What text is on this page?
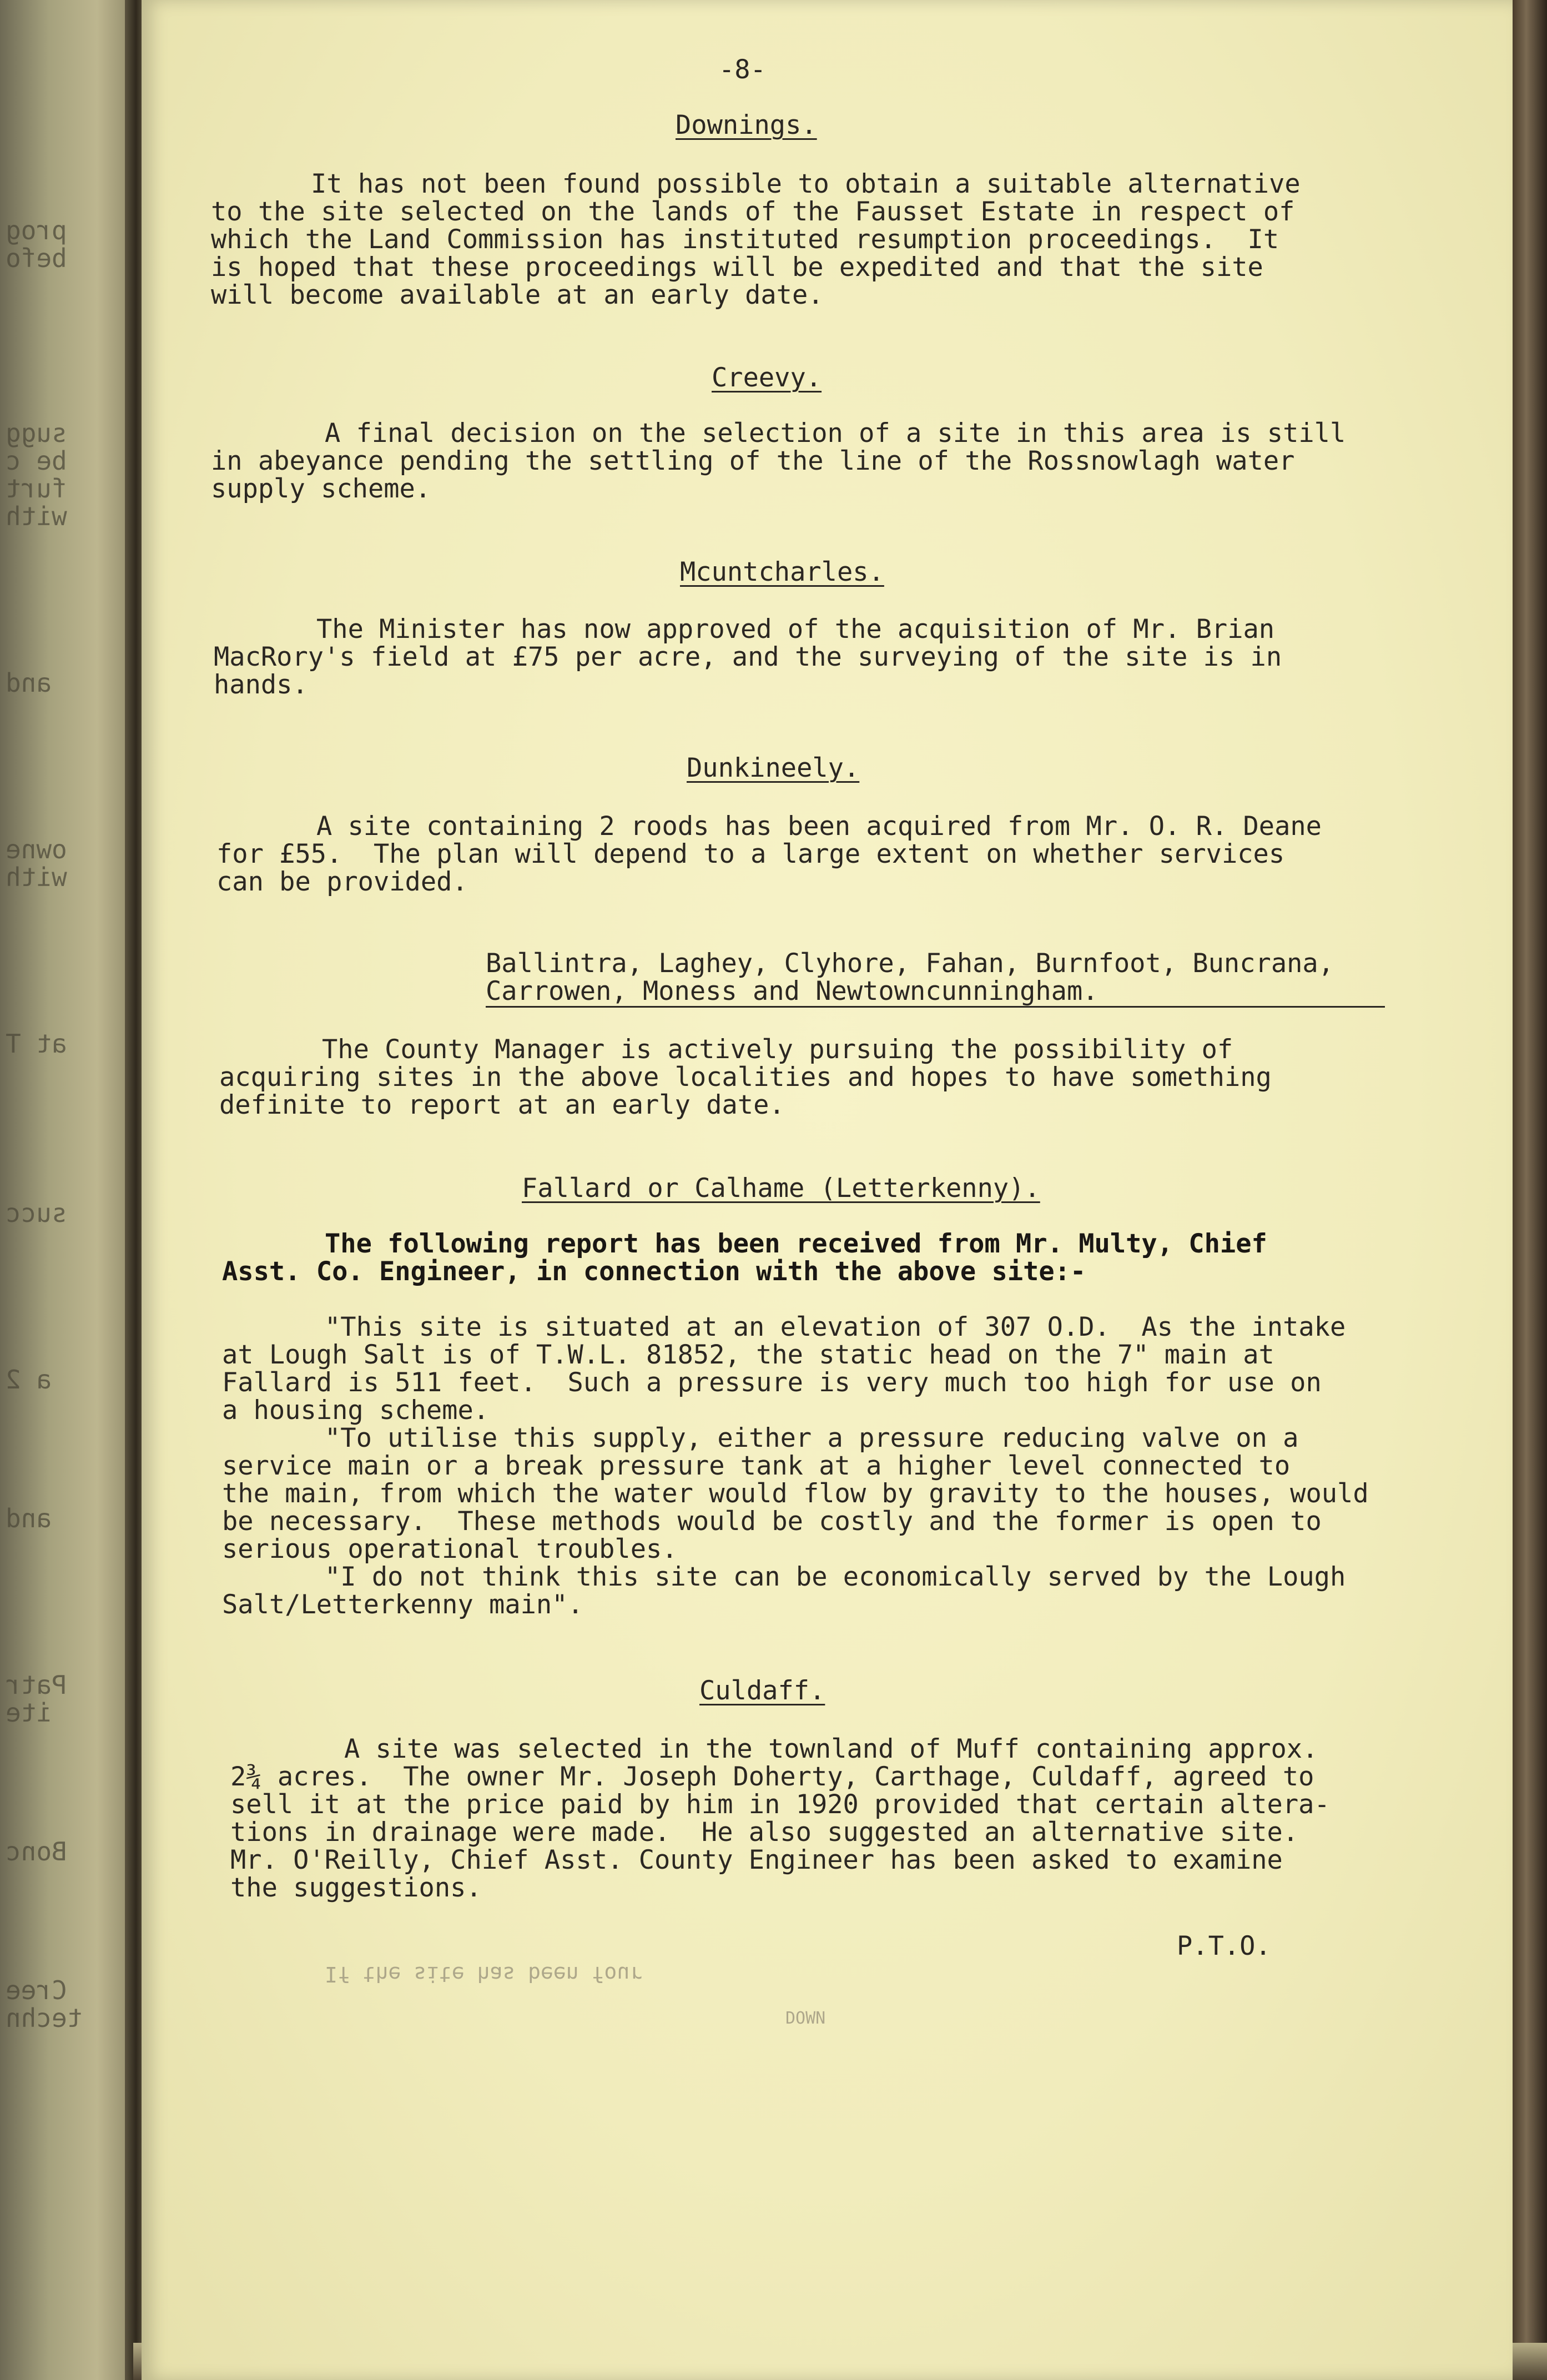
prog
befo
sugg
be c
furt
with
and
owne
with
at T
succ
a 2
and
Patr
ite
Bonc
Cree
techn
-8-
Downings.
It has not been found possible to obtain a suitable alternative
to the site selected on the lands of the Fausset Estate in respect of
which the Land Commission has instituted resumption proceedings.  It
is hoped that these proceedings will be expedited and that the site
will become available at an early date.
Creevy.
A final decision on the selection of a site in this area is still
in abeyance pending the settling of the line of the Rossnowlagh water
supply scheme.
Mcuntcharles.
The Minister has now approved of the acquisition of Mr. Brian
MacRory's field at £75 per acre, and the surveying of the site is in
hands.
Dunkineely.
A site containing 2 roods has been acquired from Mr. O. R. Deane
for £55.  The plan will depend to a large extent on whether services
can be provided.
Ballintra, Laghey, Clyhore, Fahan, Burnfoot, Buncrana,
Carrowen, Moness and Newtowncunningham.
The County Manager is actively pursuing the possibility of
acquiring sites in the above localities and hopes to have something
definite to report at an early date.
Fallard or Calhame (Letterkenny).
The following report has been received from Mr. Multy, Chief
Asst. Co. Engineer, in connection with the above site:-
"This site is situated at an elevation of 307 O.D.  As the intake
at Lough Salt is of T.W.L. 81852, the static head on the 7" main at
Fallard is 511 feet.  Such a pressure is very much too high for use on
a housing scheme.
"To utilise this supply, either a pressure reducing valve on a
service main or a break pressure tank at a higher level connected to
the main, from which the water would flow by gravity to the houses, would
be necessary.  These methods would be costly and the former is open to
serious operational troubles.
"I do not think this site can be economically served by the Lough
Salt/Letterkenny main".
Culdaff.
A site was selected in the townland of Muff containing approx.
2¾ acres.  The owner Mr. Joseph Doherty, Carthage, Culdaff, agreed to
sell it at the price paid by him in 1920 provided that certain altera-
tions in drainage were made.  He also suggested an alternative site.
Mr. O'Reilly, Chief Asst. County Engineer has been asked to examine
the suggestions.
P.T.O.
If the site has been four
DOWN
